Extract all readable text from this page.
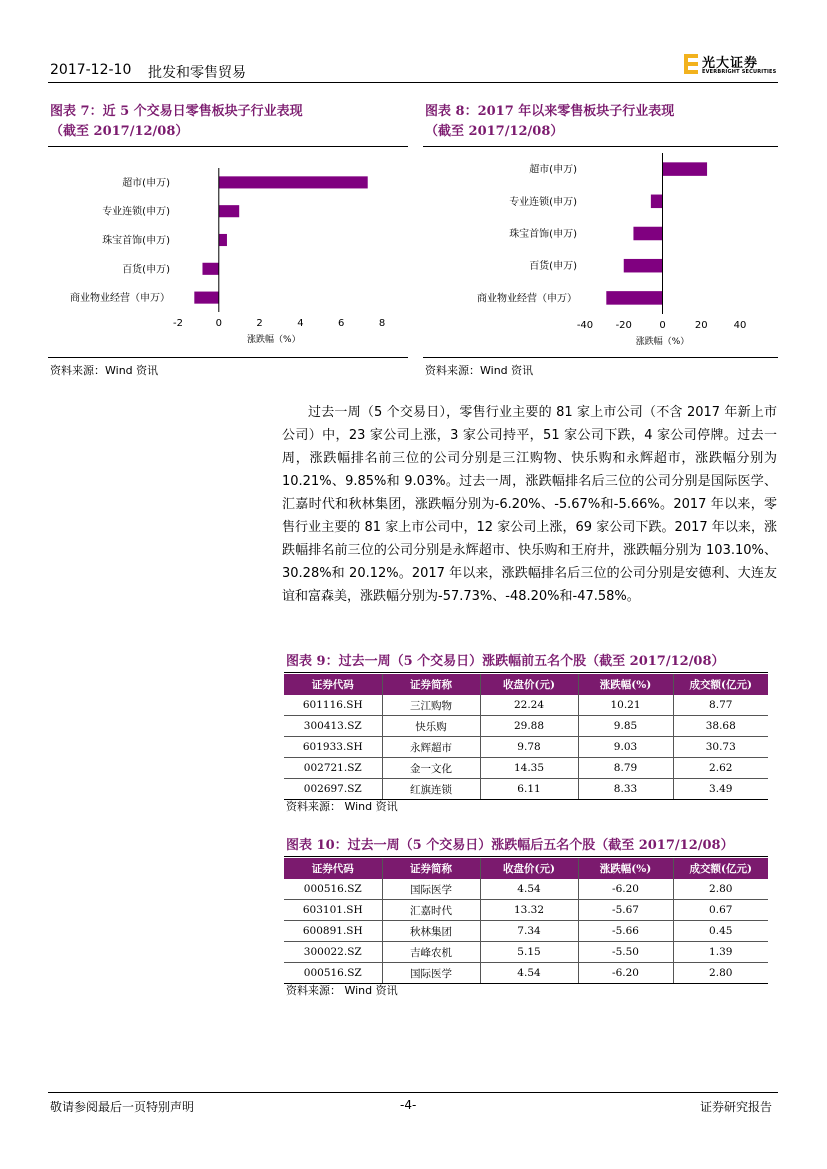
2017-12-10 批发和零售贸易
光大证券
EVERBRIGHT SECURITIES
图表 7：近 5 个交易日零售板块子行业表现
（截至 2017/12/08）
超市(申万)
专业连锁(申万)
珠宝首饰(申万)
百货(申万)
商业物业经营（申万）
-2	0	2	4	6	8
涨跌幅（%）
资料来源：Wind 资讯
图表 8：2017 年以来零售板块子行业表现
（截至 2017/12/08）
超市(申万)
专业连锁(申万)
珠宝首饰(申万)
百货(申万)
商业物业经营（申万）
-40 -20	0	20	40
涨跌幅（%）
资料来源：Wind 资讯
过去一周（5 个交易日），零售行业主要的 81 家上市公司（不含 2017 年新上市公司）中，23 家公司上涨，3 家公司持平，51 家公司下跌，4 家公司停牌。过去一周，涨跌幅排名前三位的公司分别是三江购物、快乐购和永辉超市，涨跌幅分别为 10.21%、9.85%和 9.03%。过去一周，涨跌幅排名后三位的公司分别是国际医学、汇嘉时代和秋林集团，涨跌幅分别为-6.20%、-5.67%和-5.66%。2017 年以来，零售行业主要的 81 家上市公司中，12 家公司上涨，69 家公司下跌。2017 年以来，涨跌幅排名前三位的公司分别是永辉超市、快乐购和王府井，涨跌幅分别为 103.10%、30.28%和 20.12%。2017 年以来，涨跌幅排名后三位的公司分别是安德利、大连友谊和富森美，涨跌幅分别为-57.73%、-48.20%和-47.58%。
图表 9：过去一周（5 个交易日）涨跌幅前五名个股（截至 2017/12/08）
证券代码	证券简称	收盘价(元)	涨跌幅(%)	成交额(亿元)
601116.SH	三江购物	22.24	10.21	8.77
300413.SZ	快乐购	29.88	9.85	38.68
601933.SH	永辉超市	9.78	9.03	30.73
002721.SZ	金一文化	14.35	8.79	2.62
002697.SZ	红旗连锁	6.11	8.33	3.49
资料来源： Wind 资讯
图表 10：过去一周（5 个交易日）涨跌幅后五名个股（截至 2017/12/08）
证券代码	证券简称	收盘价(元)	涨跌幅(%)	成交额(亿元)
000516.SZ	国际医学	4.54	-6.20	2.80
603101.SH	汇嘉时代	13.32	-5.67	0.67
600891.SH	秋林集团	7.34	-5.66	0.45
300022.SZ	吉峰农机	5.15	-5.50	1.39
000516.SZ	国际医学	4.54	-6.20	2.80
资料来源： Wind 资讯
敬请参阅最后一页特别声明	-4-	证券研究报告
